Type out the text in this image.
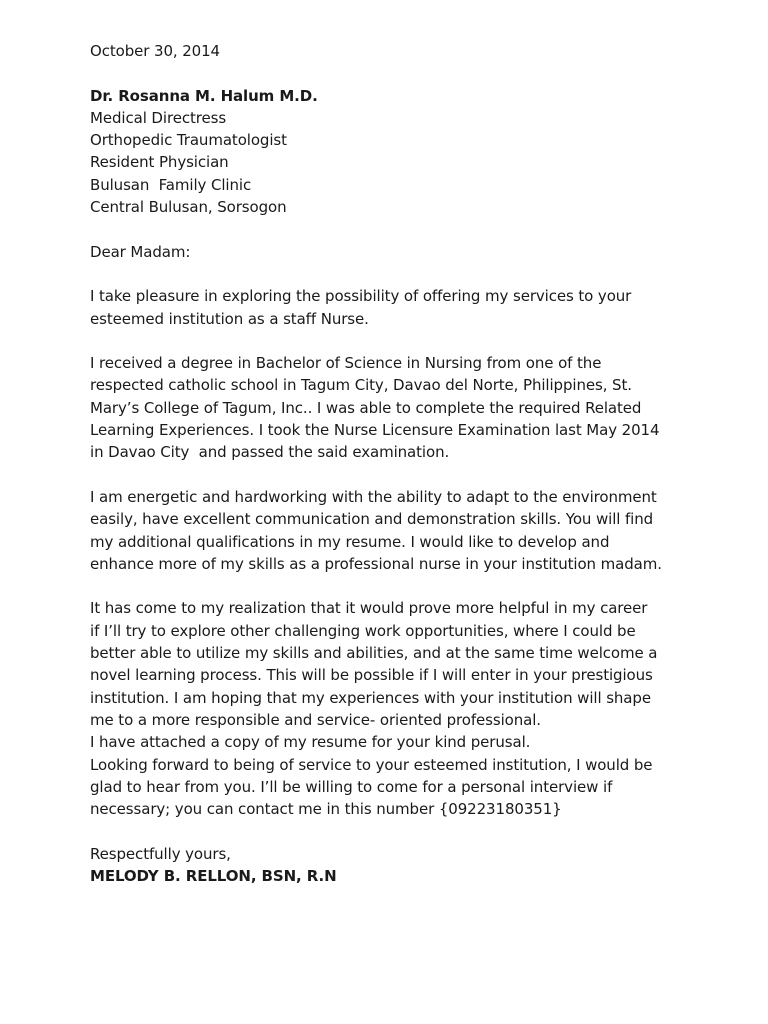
October 30, 2014
Dr. Rosanna M. Halum M.D.
Medical Directress
Orthopedic Traumatologist
Resident Physician
Bulusan  Family Clinic
Central Bulusan, Sorsogon
Dear Madam:
I take pleasure in exploring the possibility of offering my services to your
esteemed institution as a staff Nurse.
I received a degree in Bachelor of Science in Nursing from one of the
respected catholic school in Tagum City, Davao del Norte, Philippines, St.
Mary’s College of Tagum, Inc.. I was able to complete the required Related
Learning Experiences. I took the Nurse Licensure Examination last May 2014
in Davao City  and passed the said examination.
I am energetic and hardworking with the ability to adapt to the environment
easily, have excellent communication and demonstration skills. You will find
my additional qualifications in my resume. I would like to develop and
enhance more of my skills as a professional nurse in your institution madam.
It has come to my realization that it would prove more helpful in my career
if I’ll try to explore other challenging work opportunities, where I could be
better able to utilize my skills and abilities, and at the same time welcome a
novel learning process. This will be possible if I will enter in your prestigious
institution. I am hoping that my experiences with your institution will shape
me to a more responsible and service- oriented professional.
I have attached a copy of my resume for your kind perusal.
Looking forward to being of service to your esteemed institution, I would be
glad to hear from you. I’ll be willing to come for a personal interview if
necessary; you can contact me in this number {09223180351}
Respectfully yours,
MELODY B. RELLON, BSN, R.N
